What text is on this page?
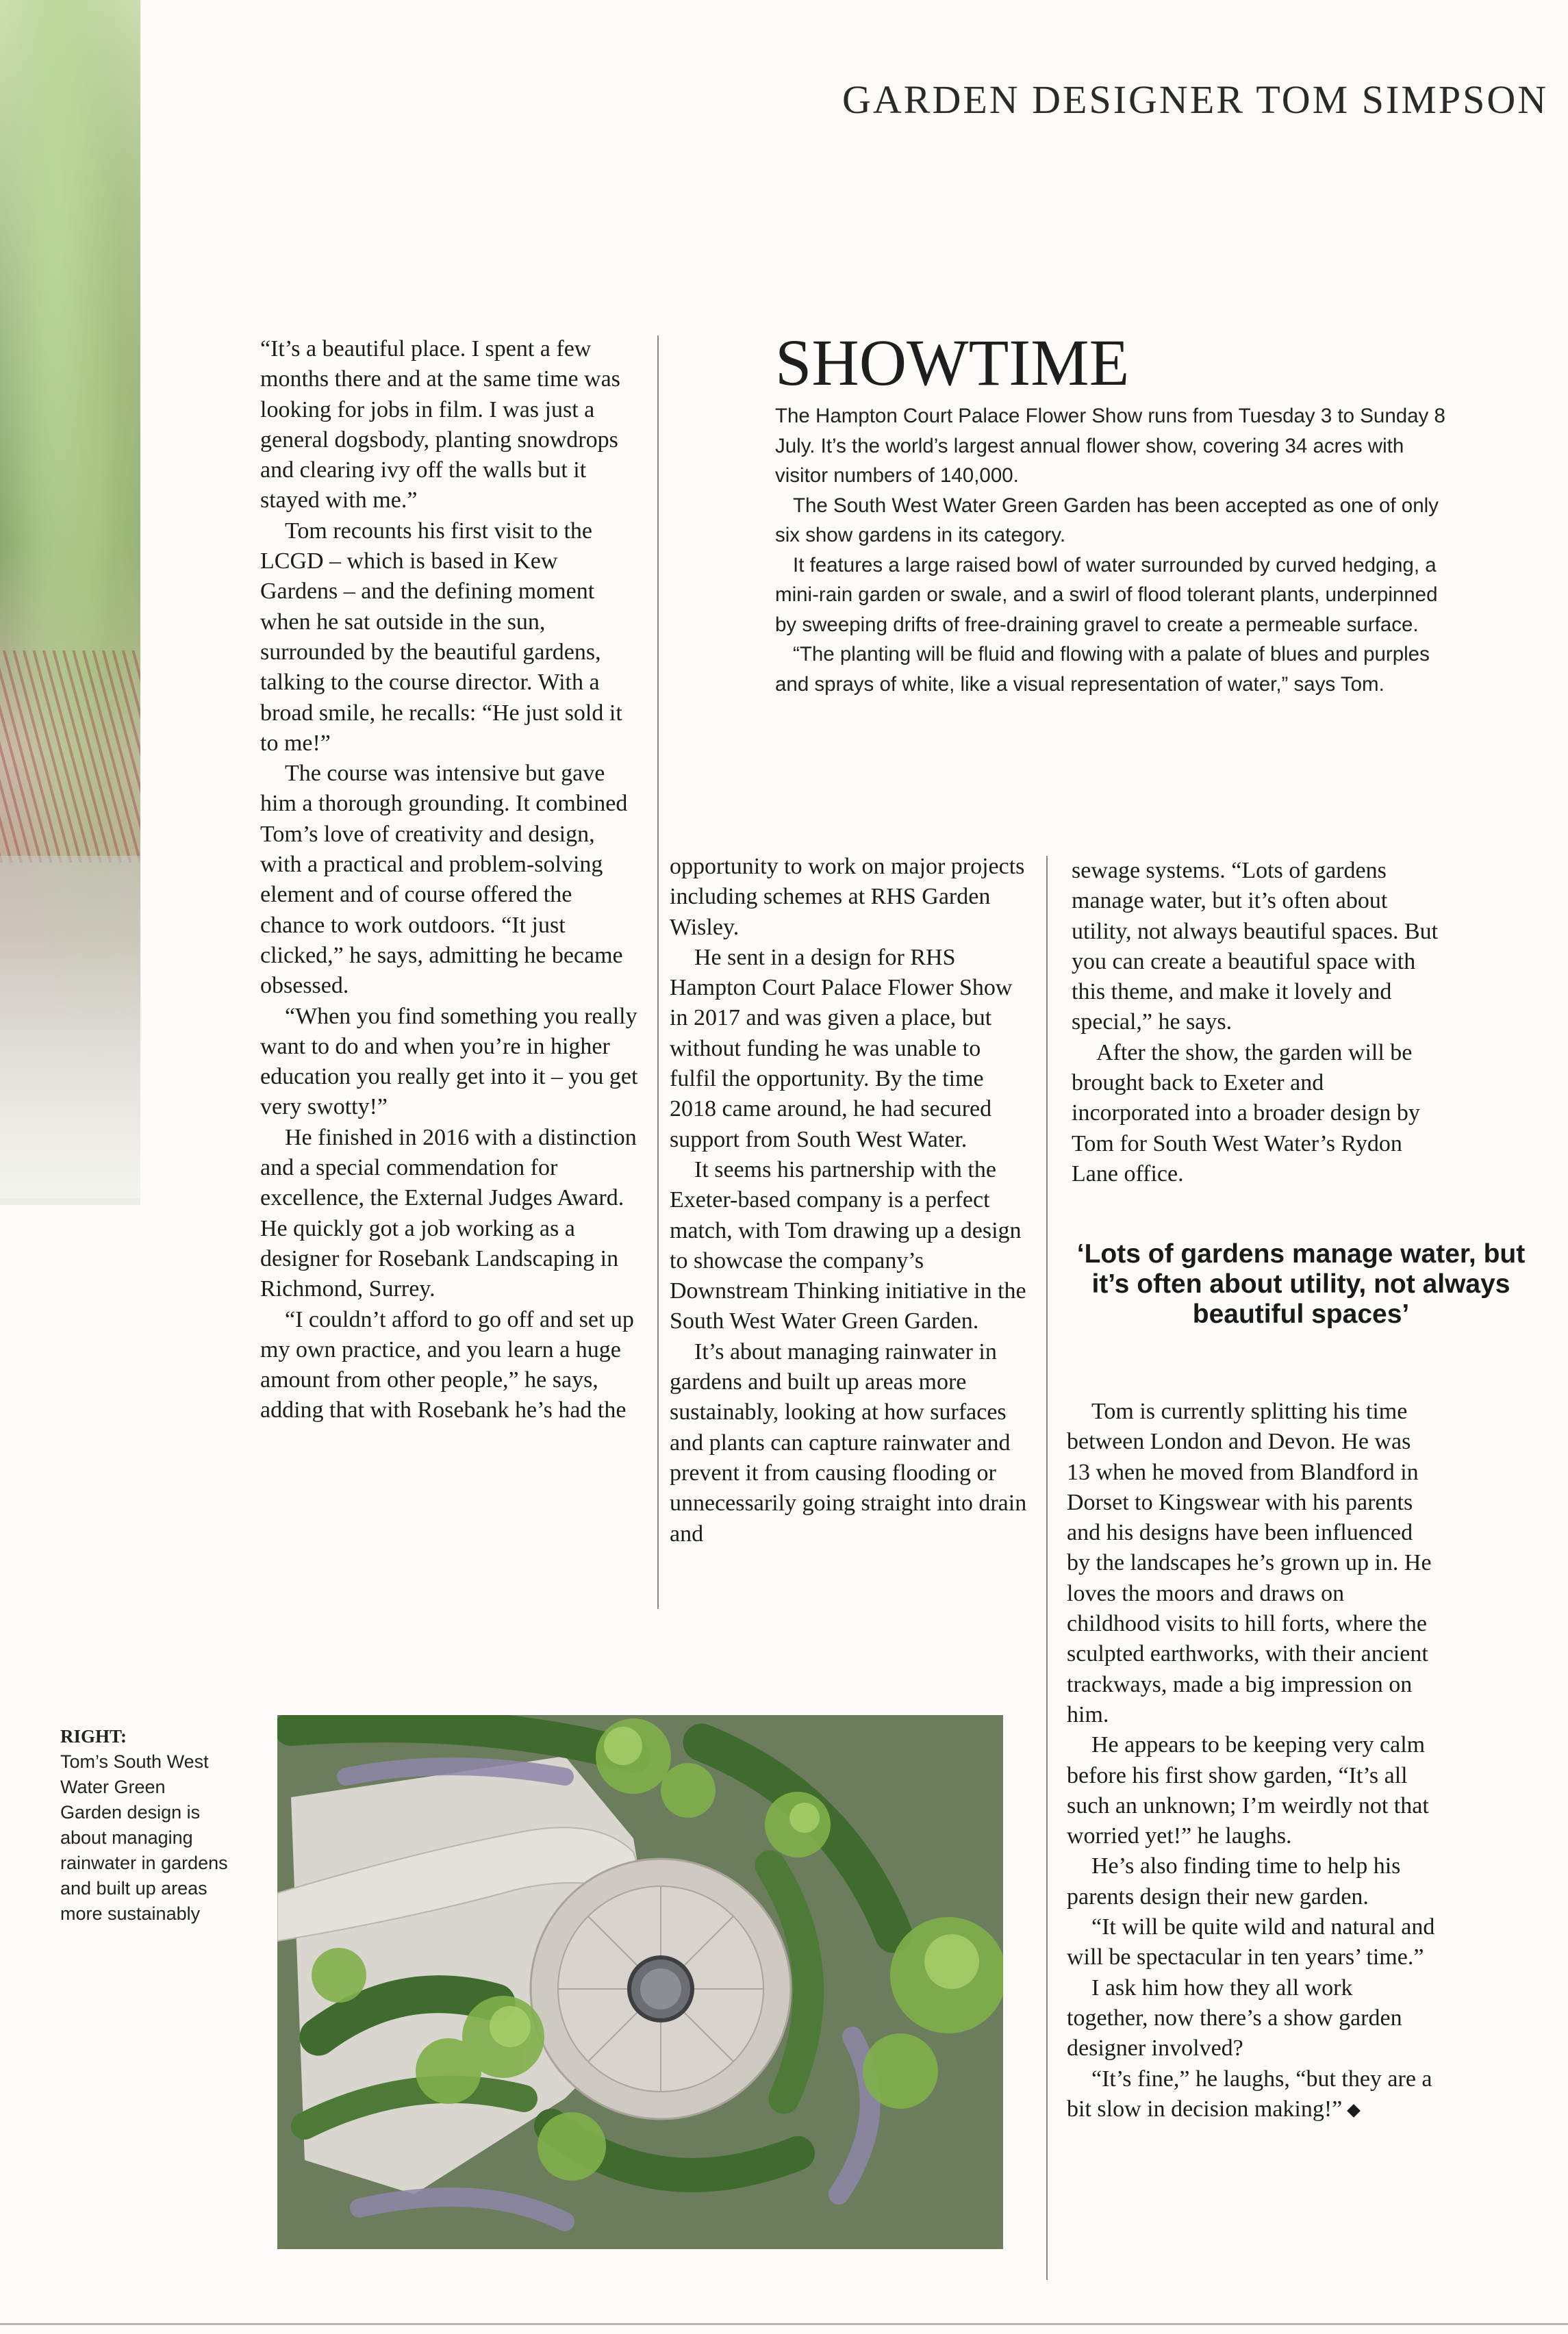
GARDEN DESIGNER TOM SIMPSON

“It’s a beautiful place. I spent a few months there and at the same time was looking for jobs in film. I was just a general dogsbody, planting snowdrops and clearing ivy off the walls but it stayed with me.”

Tom recounts his first visit to the LCGD – which is based in Kew Gardens – and the defining moment when he sat outside in the sun, surrounded by the beautiful gardens, talking to the course director. With a broad smile, he recalls: “He just sold it to me!”

The course was intensive but gave him a thorough grounding. It combined Tom’s love of creativity and design, with a practical and problem-solving element and of course offered the chance to work outdoors. “It just clicked,” he says, admitting he became obsessed.

“When you find something you really want to do and when you’re in higher education you really get into it – you get very swotty!”

He finished in 2016 with a distinction and a special commendation for excellence, the External Judges Award. He quickly got a job working as a designer for Rosebank Landscaping in Richmond, Surrey.

“I couldn’t afford to go off and set up my own practice, and you learn a huge amount from other people,” he says, adding that with Rosebank he’s had the

SHOWTIME

The Hampton Court Palace Flower Show runs from Tuesday 3 to Sunday 8 July. It’s the world’s largest annual flower show, covering 34 acres with visitor numbers of 140,000.

The South West Water Green Garden has been accepted as one of only six show gardens in its category.

It features a large raised bowl of water surrounded by curved hedging, a mini-rain garden or swale, and a swirl of flood tolerant plants, underpinned by sweeping drifts of free-draining gravel to create a permeable surface.

“The planting will be fluid and flowing with a palate of blues and purples and sprays of white, like a visual representation of water,” says Tom.

opportunity to work on major projects including schemes at RHS Garden Wisley.

He sent in a design for RHS Hampton Court Palace Flower Show in 2017 and was given a place, but without funding he was unable to fulfil the opportunity. By the time 2018 came around, he had secured support from South West Water.

It seems his partnership with the Exeter-based company is a perfect match, with Tom drawing up a design to showcase the company’s Downstream Thinking initiative in the South West Water Green Garden.

It’s about managing rainwater in gardens and built up areas more sustainably, looking at how surfaces and plants can capture rainwater and prevent it from causing flooding or unnecessarily going straight into drain and

sewage systems. “Lots of gardens manage water, but it’s often about utility, not always beautiful spaces. But you can create a beautiful space with this theme, and make it lovely and special,” he says.

After the show, the garden will be brought back to Exeter and incorporated into a broader design by Tom for South West Water’s Rydon Lane office.

‘Lots of gardens manage water, but it’s often about utility, not always beautiful spaces’

Tom is currently splitting his time between London and Devon. He was 13 when he moved from Blandford in Dorset to Kingswear with his parents and his designs have been influenced by the landscapes he’s grown up in. He loves the moors and draws on childhood visits to hill forts, where the sculpted earthworks, with their ancient trackways, made a big impression on him.

He appears to be keeping very calm before his first show garden, “It’s all such an unknown; I’m weirdly not that worried yet!” he laughs.

He’s also finding time to help his parents design their new garden.

“It will be quite wild and natural and will be spectacular in ten years’ time.”

I ask him how they all work together, now there’s a show garden designer involved?

“It’s fine,” he laughs, “but they are a bit slow in decision making!”

RIGHT:
Tom’s South West Water Green Garden design is about managing rainwater in gardens and built up areas more sustainably
